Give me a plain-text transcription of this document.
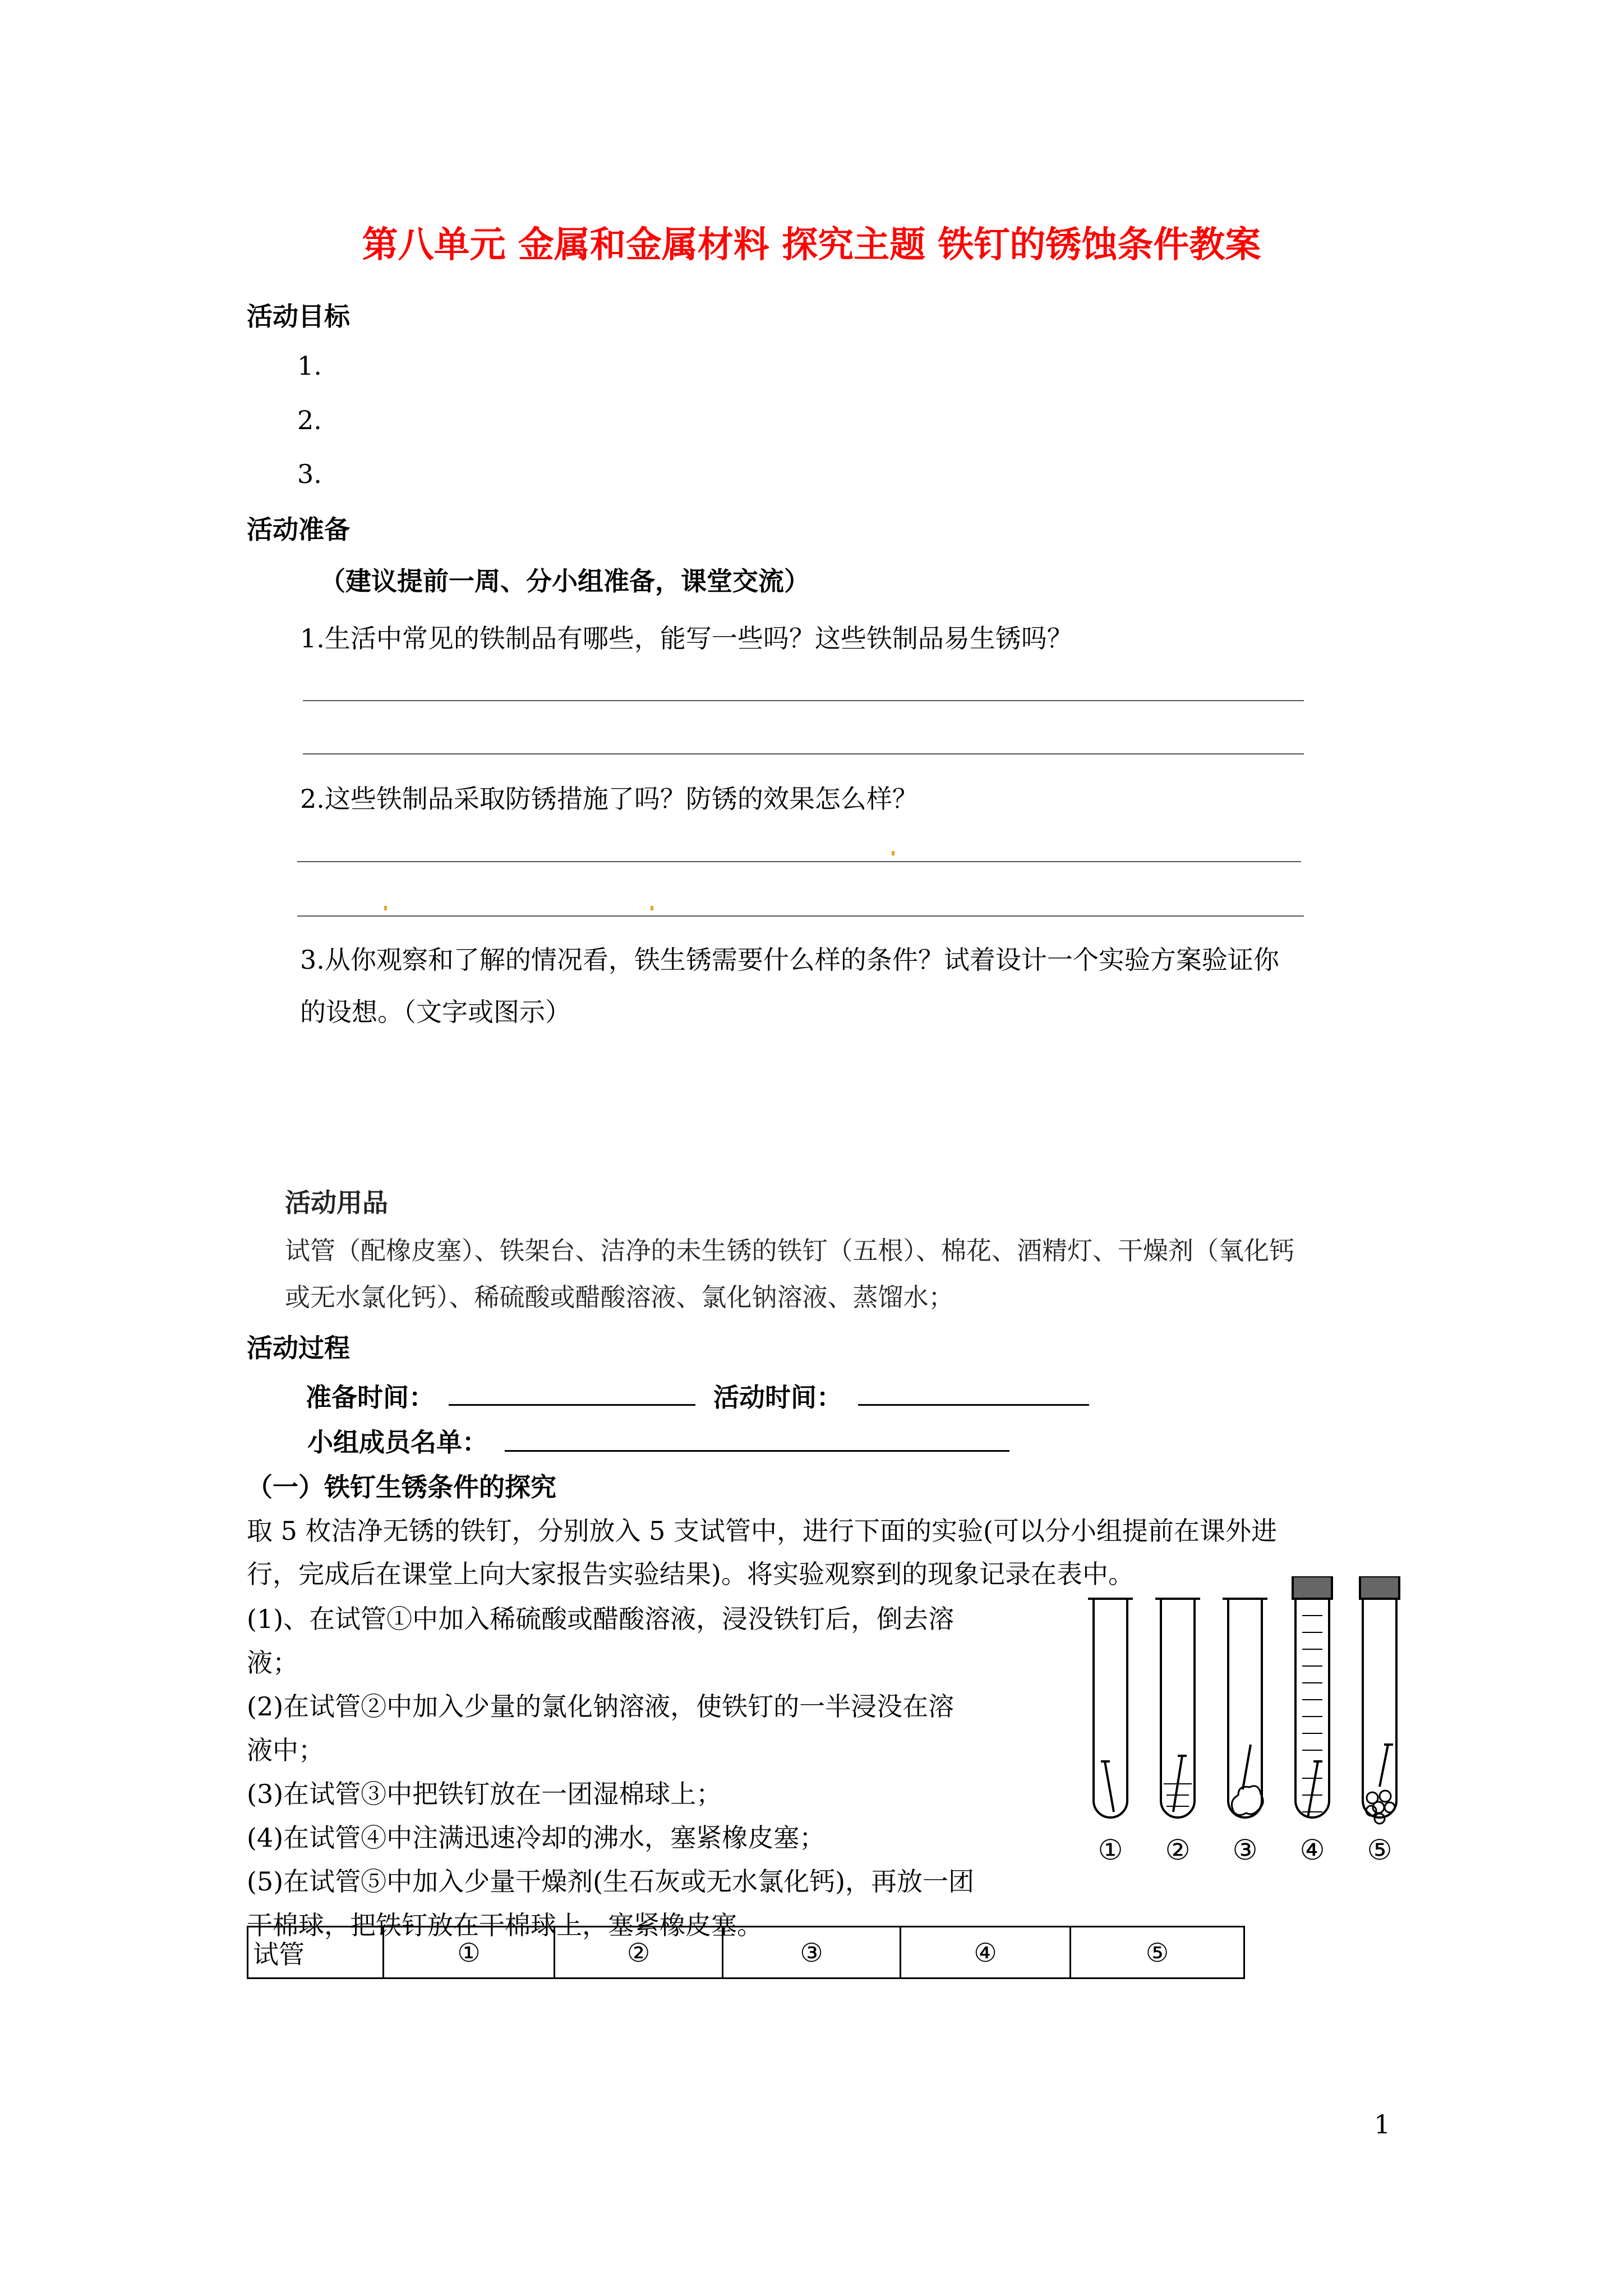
第八单元 金属和金属材料 探究主题 铁钉的锈蚀条件教案
活动目标
1.
2.
3.
活动准备
（建议提前一周、分小组准备，课堂交流）
1.生活中常见的铁制品有哪些，能写一些吗？这些铁制品易生锈吗？
2.这些铁制品采取防锈措施了吗？防锈的效果怎么样？
3.从你观察和了解的情况看，铁生锈需要什么样的条件？试着设计一个实验方案验证你
的设想。（文字或图示）
活动用品
试管（配橡皮塞）、铁架台、洁净的未生锈的铁钉（五根）、棉花、酒精灯、干燥剂（氧化钙
或无水氯化钙）、稀硫酸或醋酸溶液、氯化钠溶液、蒸馏水；
活动过程
准备时间：	活动时间：
小组成员名单：
（一）铁钉生锈条件的探究
取 5 枚洁净无锈的铁钉，分别放入 5 支试管中，进行下面的实验(可以分小组提前在课外进
行，完成后在课堂上向大家报告实验结果)。将实验观察到的现象记录在表中。
(1)、在试管①中加入稀硫酸或醋酸溶液，浸没铁钉后，倒去溶
液；
(2)在试管②中加入少量的氯化钠溶液，使铁钉的一半浸没在溶
液中；
(3)在试管③中把铁钉放在一团湿棉球上；
(4)在试管④中注满迅速冷却的沸水，塞紧橡皮塞；
(5)在试管⑤中加入少量干燥剂(生石灰或无水氯化钙)，再放一团
干棉球，把铁钉放在干棉球上，塞紧橡皮塞。
① ② ③ ④ ⑤
试管	①	②	③	④	⑤
1
